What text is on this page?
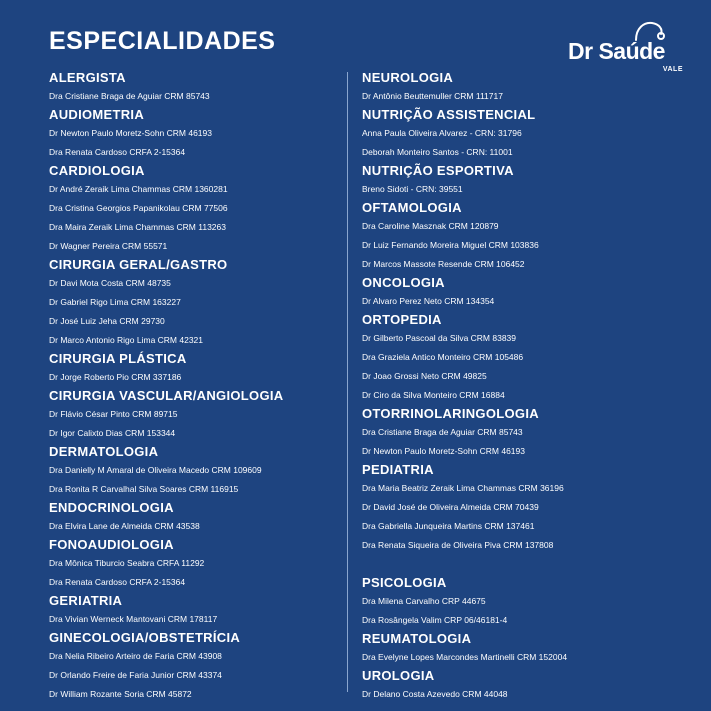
ESPECIALIDADES	Dr Saúde
VALE
ALERGISTA
Dra Cristiane Braga de Aguiar CRM 85743
AUDIOMETRIA
Dr Newton Paulo Moretz-Sohn CRM 46193
Dra Renata Cardoso CRFA 2-15364
CARDIOLOGIA
Dr André Zeraik Lima Chammas CRM 1360281
Dra Cristina Georgios Papanikolau CRM 77506
Dra Maira Zeraik Lima Chammas CRM 113263
Dr Wagner Pereira CRM 55571
CIRURGIA GERAL/GASTRO
Dr Davi Mota Costa CRM 48735
Dr Gabriel Rigo Lima CRM 163227
Dr José Luiz Jeha CRM 29730
Dr Marco Antonio Rigo Lima CRM 42321
CIRURGIA PLÁSTICA
Dr Jorge Roberto Pio CRM 337186
CIRURGIA VASCULAR/ANGIOLOGIA
Dr Flávio César Pinto CRM 89715
Dr Igor Calixto Dias CRM 153344
DERMATOLOGIA
Dra Danielly M Amaral de Oliveira Macedo CRM 109609
Dra Ronita R Carvalhal Silva Soares CRM 116915
ENDOCRINOLOGIA
Dra Elvira Lane de Almeida CRM 43538
FONOAUDIOLOGIA
Dra Mônica Tiburcio Seabra CRFA 11292
Dra Renata Cardoso CRFA 2-15364
GERIATRIA
Dra Vivian Werneck Mantovani CRM 178117
GINECOLOGIA/OBSTETRÍCIA
Dra Nelia Ribeiro Arteiro de Faria CRM 43908
Dr Orlando Freire de Faria Junior CRM 43374
Dr William Rozante Soria CRM 45872
NEUROLOGIA
Dr Antônio Beuttemuller CRM 111717
NUTRIÇÃO ASSISTENCIAL
Anna Paula Oliveira Alvarez - CRN: 31796
Deborah Monteiro Santos - CRN: 11001
NUTRIÇÃO ESPORTIVA
Breno Sidoti - CRN: 39551
OFTAMOLOGIA
Dra Caroline Masznak CRM 120879
Dr Luiz Fernando Moreira Miguel CRM 103836
Dr Marcos Massote Resende CRM 106452
ONCOLOGIA
Dr Alvaro Perez Neto CRM 134354
ORTOPEDIA
Dr Gilberto Pascoal da Silva CRM 83839
Dra Graziela Antico Monteiro CRM 105486
Dr Joao Grossi Neto CRM 49825
Dr Ciro da Silva Monteiro CRM 16884
OTORRINOLARINGOLOGIA
Dra Cristiane Braga de Aguiar CRM 85743
Dr Newton Paulo Moretz-Sohn CRM 46193
PEDIATRIA
Dra Maria Beatriz Zeraik Lima Chammas CRM 36196
Dr David José de Oliveira Almeida CRM 70439
Dra Gabriella Junqueira Martins CRM 137461
Dra Renata Siqueira de Oliveira Piva CRM 137808
PSICOLOGIA
Dra Milena Carvalho CRP 44675
Dra Rosângela Valim CRP 06/46181-4
REUMATOLOGIA
Dra Evelyne Lopes Marcondes Martinelli CRM 152004
UROLOGIA
Dr Delano Costa Azevedo CRM 44048
